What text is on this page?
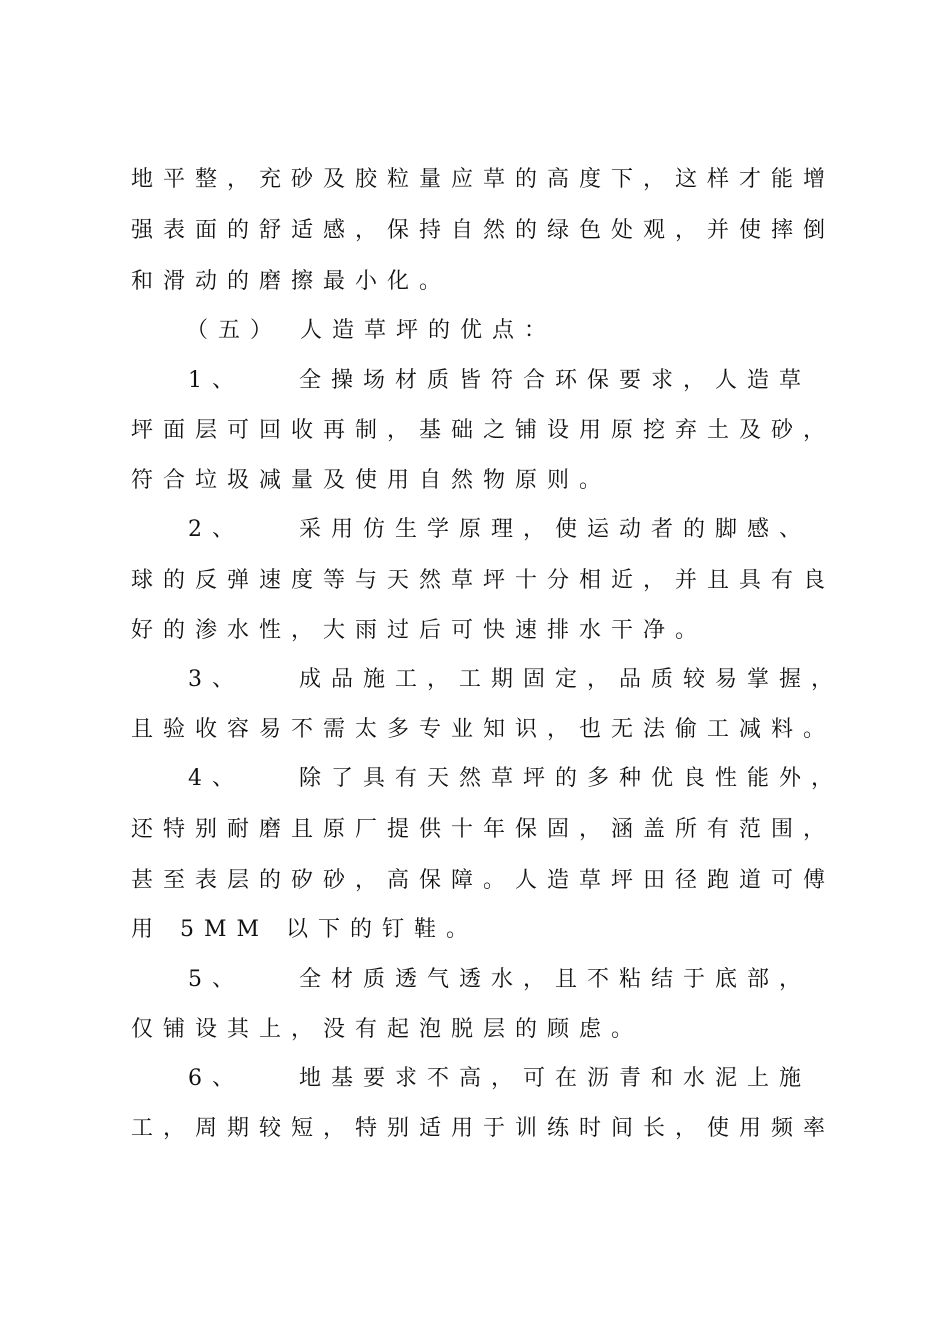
地平整，充砂及胶粒量应草的高度下，这样才能增
强表面的舒适感，保持自然的绿色处观，并使摔倒
和滑动的磨擦最小化。
（五） 人造草坪的优点：
1、	全操场材质皆符合环保要求，人造草
坪面层可回收再制，基础之铺设用原挖弃土及砂，
符合垃圾减量及使用自然物原则。
2、	采用仿生学原理，使运动者的脚感、
球的反弹速度等与天然草坪十分相近，并且具有良
好的渗水性，大雨过后可快速排水干净。
3、	成品施工，工期固定，品质较易掌握，
且验收容易不需太多专业知识，也无法偷工减料。
4、	除了具有天然草坪的多种优良性能外，
还特别耐磨且原厂提供十年保固，涵盖所有范围，
甚至表层的矽砂，高保障。人造草坪田径跑道可傅
用 5MM 以下的钉鞋。
5、	全材质透气透水，且不粘结于底部，
仅铺设其上，没有起泡脱层的顾虑。
6、	地基要求不高，可在沥青和水泥上施
工，周期较短，特别适用于训练时间长，使用频率
